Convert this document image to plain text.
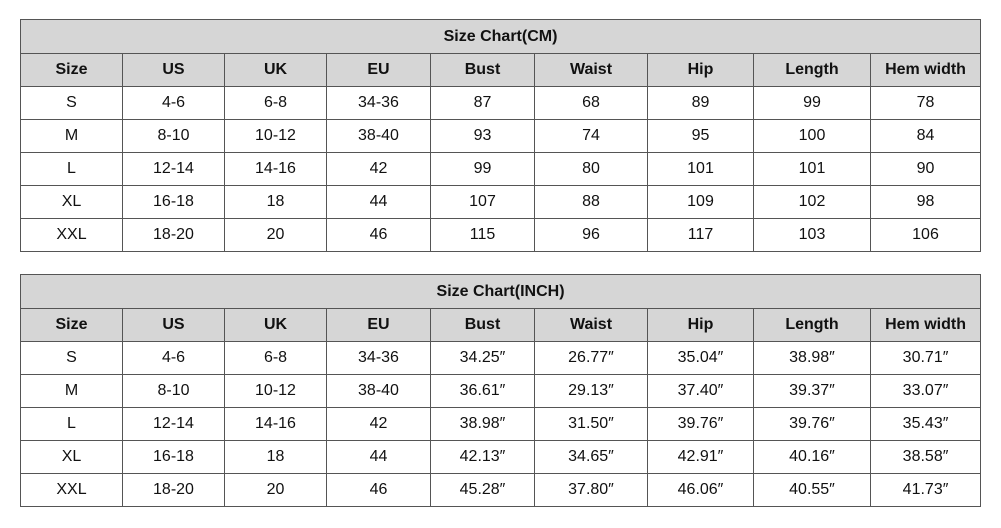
Size Chart(CM)								
Size	US	UK	EU	Bust	Waist	Hip	Length	Hem width
S	4-6	6-8	34-36	87	68	89	99	78
M	8-10	10-12	38-40	93	74	95	100	84
L	12-14	14-16	42	99	80	101	101	90
XL	16-18	18	44	107	88	109	102	98
XXL	18-20	20	46	115	96	117	103	106
Size Chart(INCH)								
Size	US	UK	EU	Bust	Waist	Hip	Length	Hem width
S	4-6	6-8	34-36	34.25″	26.77″	35.04″	38.98″	30.71″
M	8-10	10-12	38-40	36.61″	29.13″	37.40″	39.37″	33.07″
L	12-14	14-16	42	38.98″	31.50″	39.76″	39.76″	35.43″
XL	16-18	18	44	42.13″	34.65″	42.91″	40.16″	38.58″
XXL	18-20	20	46	45.28″	37.80″	46.06″	40.55″	41.73″
